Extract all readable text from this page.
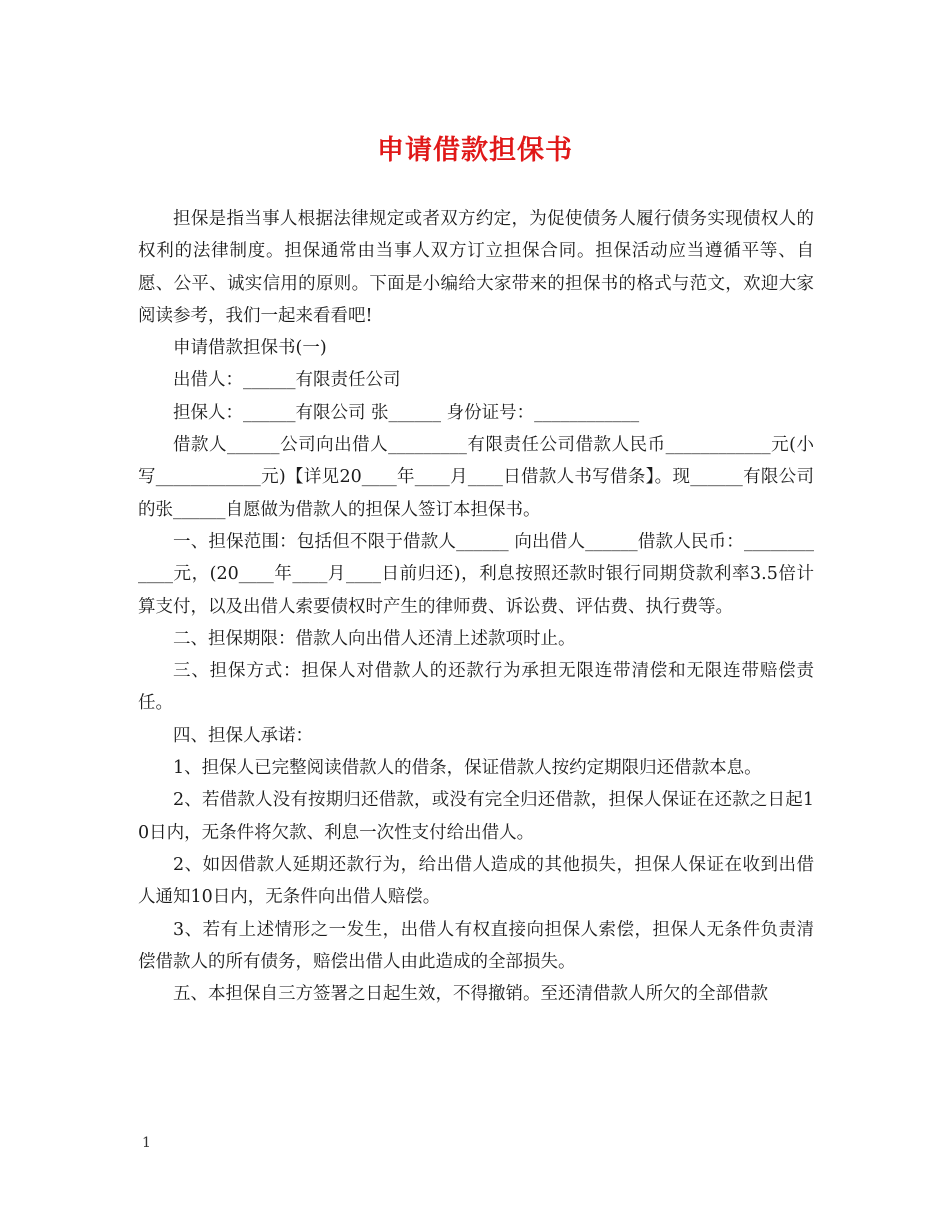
申请借款担保书

担保是指当事人根据法律规定或者双方约定，为促使债务人履行债务实现债权人的权利的法律制度。担保通常由当事人双方订立担保合同。担保活动应当遵循平等、自愿、公平、诚实信用的原则。下面是小编给大家带来的担保书的格式与范文，欢迎大家阅读参考，我们一起来看看吧!

申请借款担保书(一)

出借人：______有限责任公司

担保人：______有限公司 张______ 身份证号：____________

借款人______公司向出借人_________有限责任公司借款人民币____________元(小写____________元)【详见20____年____月____日借款人书写借条】。现______有限公司的张______自愿做为借款人的担保人签订本担保书。

一、担保范围：包括但不限于借款人______ 向出借人______借款人民币：____________元，(20____年____月____日前归还)，利息按照还款时银行同期贷款利率3.5倍计算支付，以及出借人索要债权时产生的律师费、诉讼费、评估费、执行费等。

二、担保期限：借款人向出借人还清上述款项时止。

三、担保方式：担保人对借款人的还款行为承担无限连带清偿和无限连带赔偿责任。

四、担保人承诺：

1、担保人已完整阅读借款人的借条，保证借款人按约定期限归还借款本息。

2、若借款人没有按期归还借款，或没有完全归还借款，担保人保证在还款之日起10日内，无条件将欠款、利息一次性支付给出借人。

2、如因借款人延期还款行为，给出借人造成的其他损失，担保人保证在收到出借人通知10日内，无条件向出借人赔偿。

3、若有上述情形之一发生，出借人有权直接向担保人索偿，担保人无条件负责清偿借款人的所有债务，赔偿出借人由此造成的全部损失。

五、本担保自三方签署之日起生效，不得撤销。至还清借款人所欠的全部借款

1
